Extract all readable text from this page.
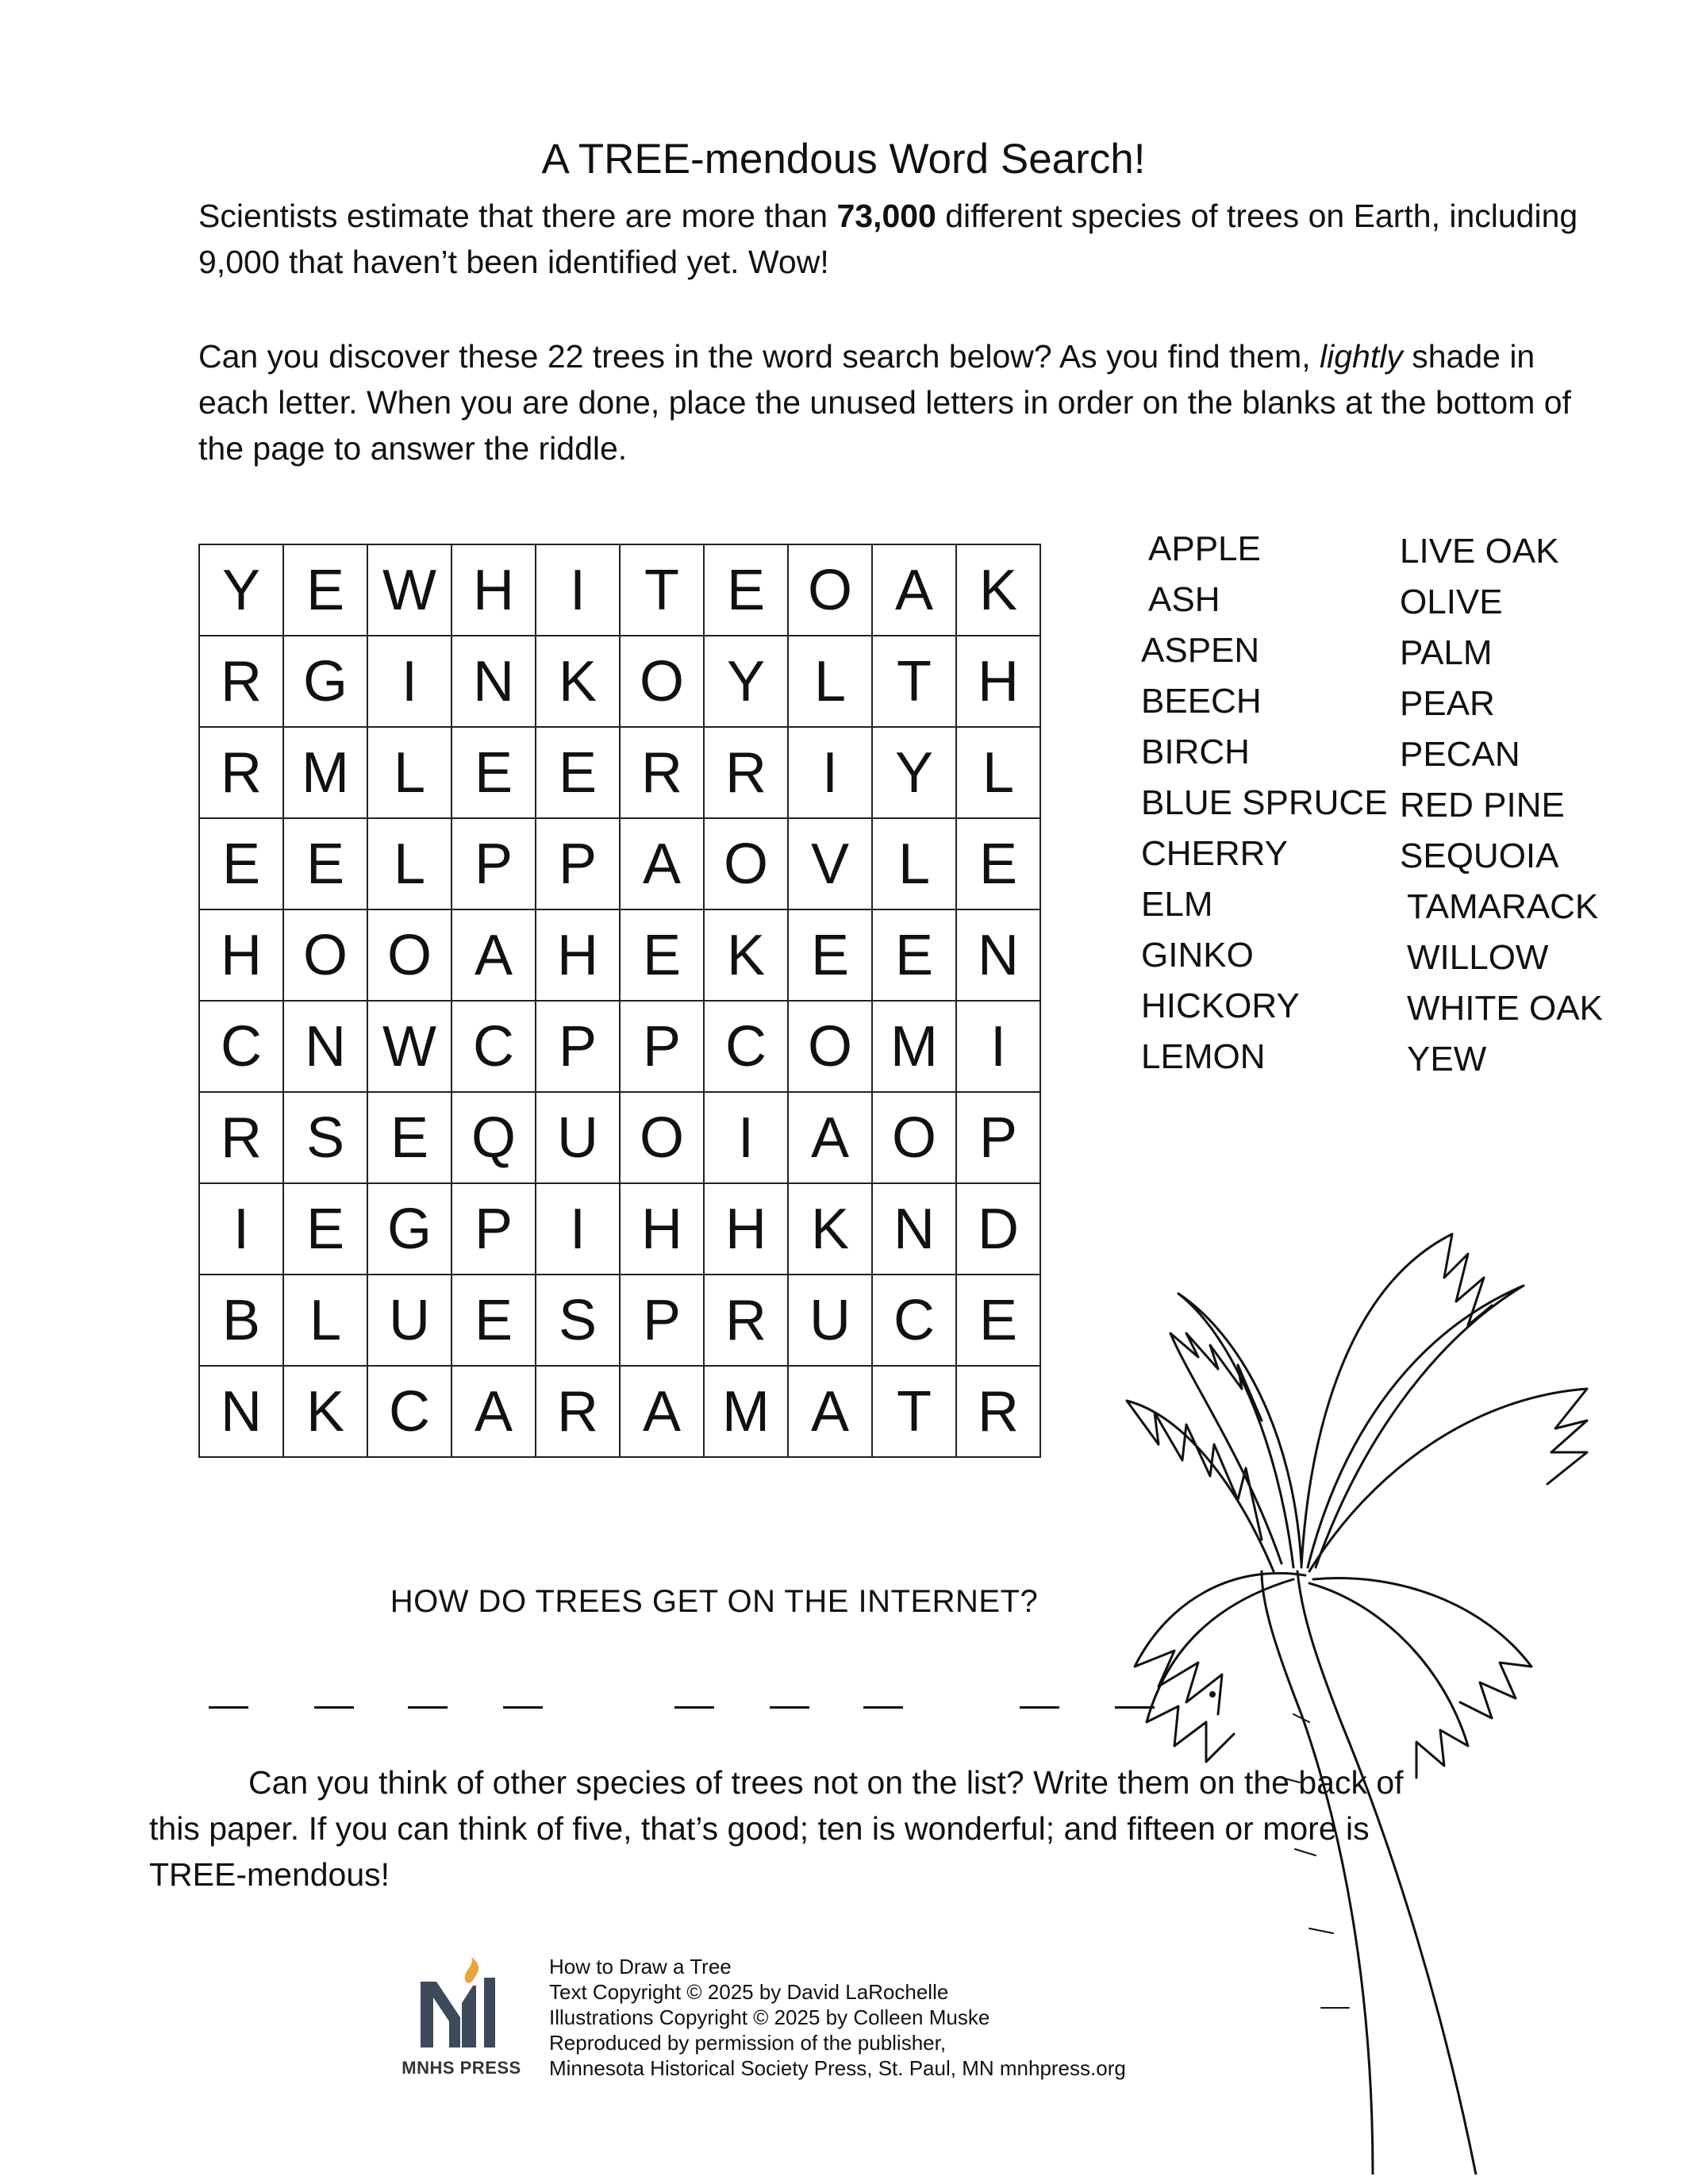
A TREE-mendous Word Search!
Scientists estimate that there are more than 73,000 different species of trees on Earth, including 9,000 that haven’t been identified yet. Wow!
Can you discover these 22 trees in the word search below? As you find them, lightly shade in each letter. When you are done, place the unused letters in order on the blanks at the bottom of the page to answer the riddle.
Y	E	W	H	I	T	E	O	A	K
R	G	I	N	K	O	Y	L	T	H
R	M	L	E	E	R	R	I	Y	L
E	E	L	P	P	A	O	V	L	E
H	O	O	A	H	E	K	E	E	N
C	N	W	C	P	P	C	O	M	I
R	S	E	Q	U	O	I	A	O	P
I	E	G	P	I	H	H	K	N	D
B	L	U	E	S	P	R	U	C	E
N	K	C	A	R	A	M	A	T	R
APPLE
ASH
ASPEN
BEECH
BIRCH
BLUE SPRUCE
CHERRY
ELM
GINKO
HICKORY
LEMON
LIVE OAK
OLIVE
PALM
PEAR
PECAN
RED PINE
SEQUOIA
TAMARACK
WILLOW
WHITE OAK
YEW
HOW DO TREES GET ON THE INTERNET?
Can you think of other species of trees not on the list? Write them on the back of this paper. If you can think of five, that’s good; ten is wonderful; and fifteen or more is TREE-mendous!
MNHS PRESS
How to Draw a Tree
Text Copyright © 2025 by David LaRochelle
Illustrations Copyright © 2025 by Colleen Muske
Reproduced by permission of the publisher,
Minnesota Historical Society Press, St. Paul, MN mnhpress.org
